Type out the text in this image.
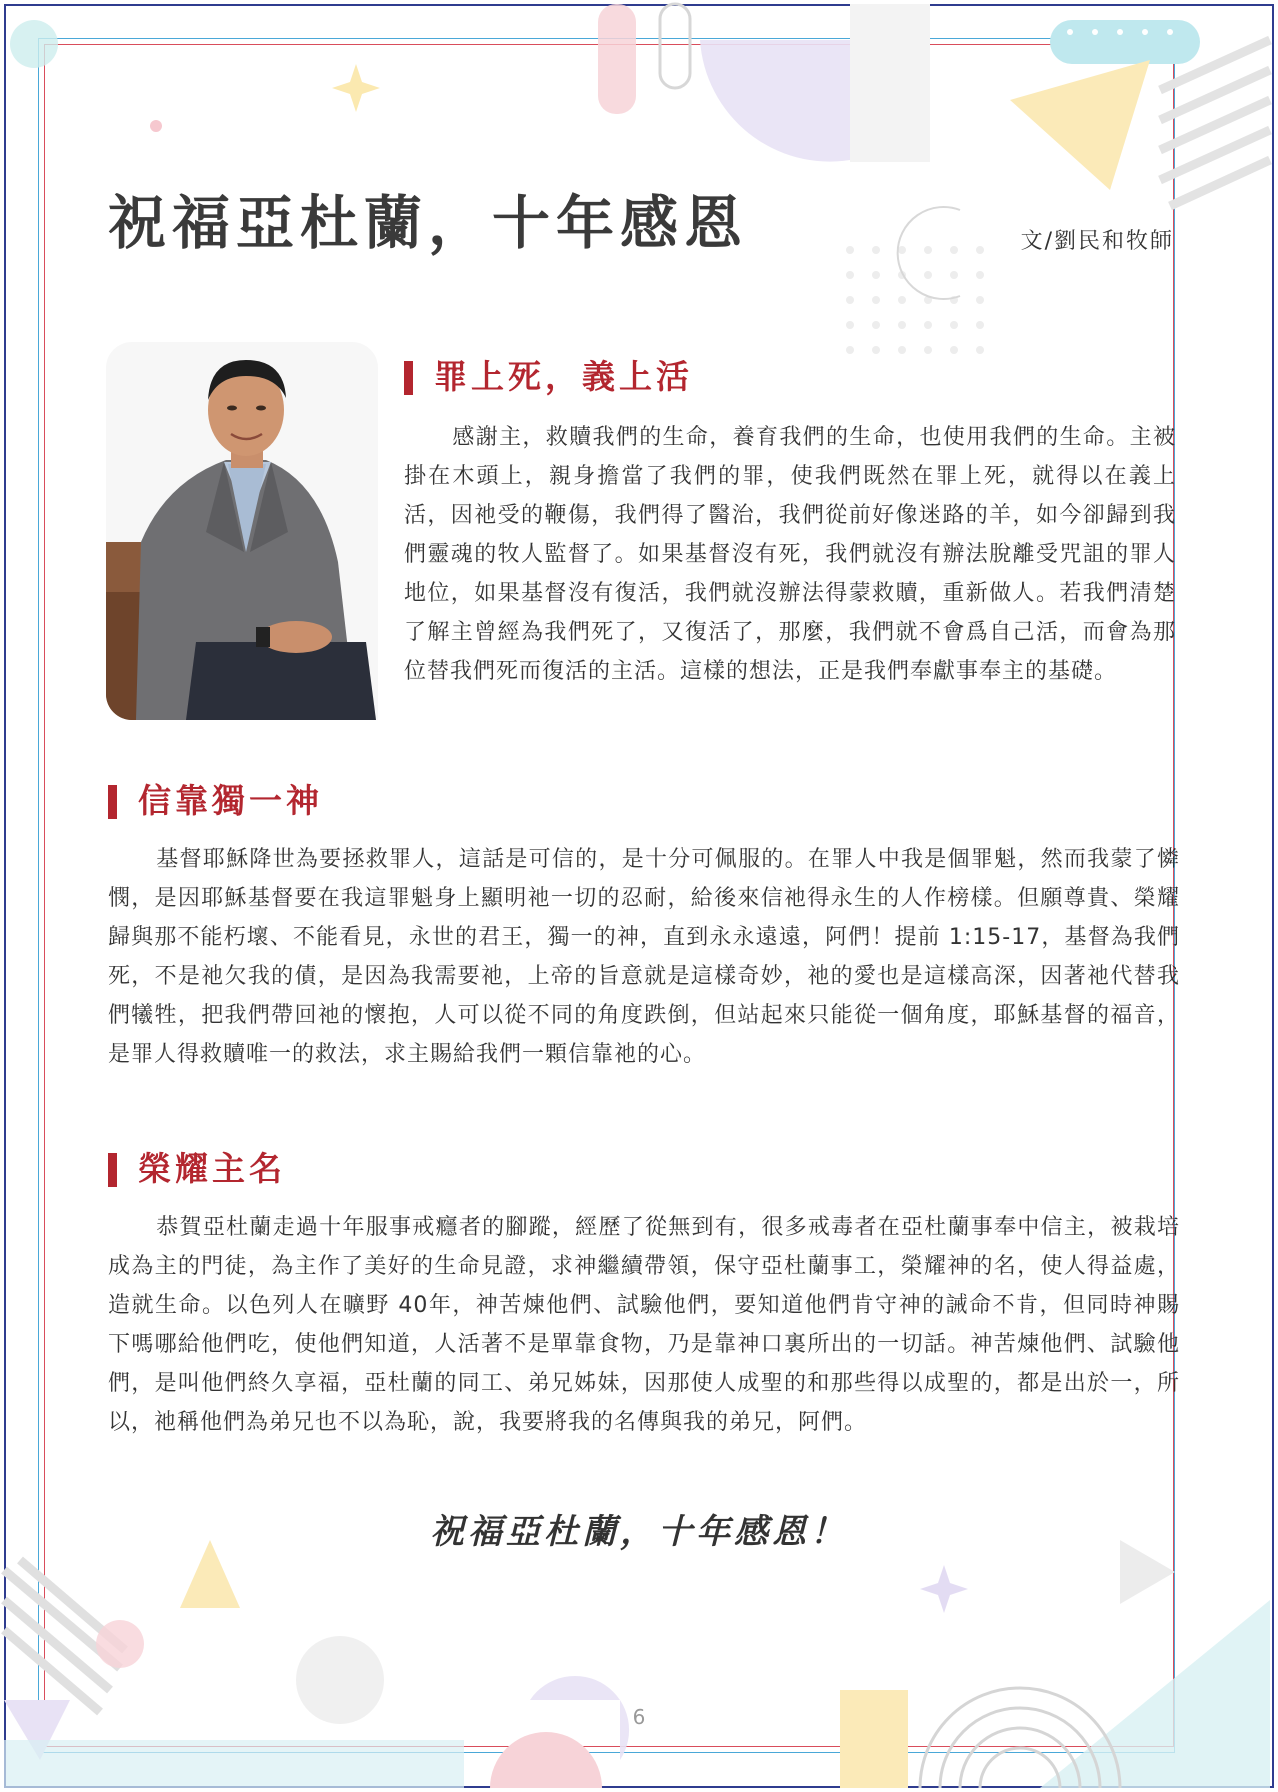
祝福亞杜蘭，十年感恩	文/劉民和牧師
罪上死，義上活

感謝主，救贖我們的生命，養育我們的生命，也使用我們的生命。主被掛在木頭上，親身擔當了我們的罪，使我們既然在罪上死，就得以在義上活，因祂受的鞭傷，我們得了醫治，我們從前好像迷路的羊，如今卻歸到我們靈魂的牧人監督了。如果基督沒有死，我們就沒有辦法脫離受咒詛的罪人地位，如果基督沒有復活，我們就沒辦法得蒙救贖，重新做人。若我們清楚了解主曾經為我們死了，又復活了，那麼，我們就不會爲自己活，而會為那位替我們死而復活的主活。這樣的想法，正是我們奉獻事奉主的基礎。

信靠獨一神

基督耶穌降世為要拯救罪人，這話是可信的，是十分可佩服的。在罪人中我是個罪魁，然而我蒙了憐憫，是因耶穌基督要在我這罪魁身上顯明祂一切的忍耐，給後來信祂得永生的人作榜樣。但願尊貴、榮耀歸與那不能朽壞、不能看見，永世的君王，獨一的神，直到永永遠遠，阿們！提前 1:15-17，基督為我們死，不是祂欠我的債，是因為我需要祂，上帝的旨意就是這樣奇妙，祂的愛也是這樣高深，因著祂代替我們犧牲，把我們帶回祂的懷抱，人可以從不同的角度跌倒，但站起來只能從一個角度，耶穌基督的福音，是罪人得救贖唯一的救法，求主賜給我們一顆信靠祂的心。

榮耀主名

恭賀亞杜蘭走過十年服事戒癮者的腳蹤，經歷了從無到有，很多戒毒者在亞杜蘭事奉中信主，被栽培成為主的門徒，為主作了美好的生命見證，求神繼續帶領，保守亞杜蘭事工，榮耀神的名，使人得益處，造就生命。以色列人在曠野 40年，神苦煉他們、試驗他們，要知道他們肯守神的誡命不肯，但同時神賜下嗎哪給他們吃，使他們知道，人活著不是單靠食物，乃是靠神口裏所出的一切話。神苦煉他們、試驗他們，是叫他們終久享福，亞杜蘭的同工、弟兄姊妹，因那使人成聖的和那些得以成聖的，都是出於一，所以，祂稱他們為弟兄也不以為恥，說，我要將我的名傳與我的弟兄，阿們。

祝福亞杜蘭，十年感恩！
6
